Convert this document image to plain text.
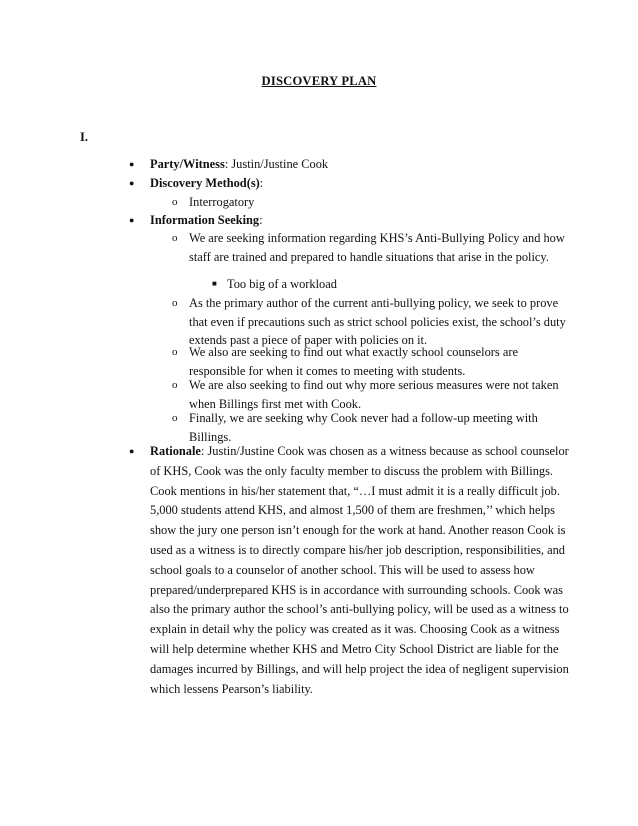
DISCOVERY PLAN
I.
● Party/Witness: Justin/Justine Cook
● Discovery Method(s):
o Interrogatory
● Information Seeking:
o We are seeking information regarding KHS’s Anti-Bullying Policy and how staff are trained and prepared to handle situations that arise in the policy.
■ Too big of a workload
o As the primary author of the current anti-bullying policy, we seek to prove that even if precautions such as strict school policies exist, the school’s duty extends past a piece of paper with policies on it.
o We also are seeking to find out what exactly school counselors are responsible for when it comes to meeting with students.
o We are also seeking to find out why more serious measures were not taken when Billings first met with Cook.
o Finally, we are seeking why Cook never had a follow-up meeting with Billings.
● Rationale: Justin/Justine Cook was chosen as a witness because as school counselor of KHS, Cook was the only faculty member to discuss the problem with Billings. Cook mentions in his/her statement that, “…I must admit it is a really difficult job. 5,000 students attend KHS, and almost 1,500 of them are freshmen,’’ which helps show the jury one person isn’t enough for the work at hand. Another reason Cook is used as a witness is to directly compare his/her job description, responsibilities, and school goals to a counselor of another school. This will be used to assess how prepared/underprepared KHS is in accordance with surrounding schools. Cook was also the primary author the school’s anti-bullying policy, will be used as a witness to explain in detail why the policy was created as it was. Choosing Cook as a witness will help determine whether KHS and Metro City School District are liable for the damages incurred by Billings, and will help project the idea of negligent supervision which lessens Pearson’s liability.
